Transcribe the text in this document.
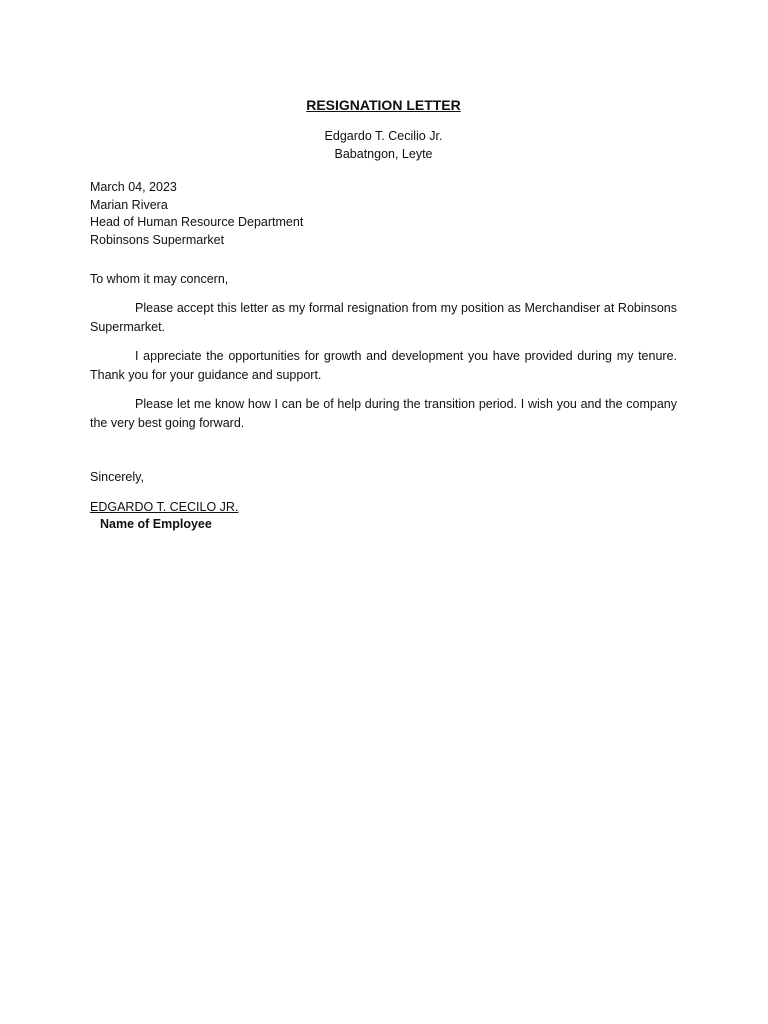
RESIGNATION LETTER
Edgardo T. Cecilio Jr.
Babatngon, Leyte
March 04, 2023
Marian Rivera
Head of Human Resource Department
Robinsons Supermarket
To whom it may concern,
Please accept this letter as my formal resignation from my position as Merchandiser at Robinsons Supermarket.
I appreciate the opportunities for growth and development you have provided during my tenure. Thank you for your guidance and support.
Please let me know how I can be of help during the transition period. I wish you and the company the very best going forward.
Sincerely,
EDGARDO T. CECILO JR.
Name of Employee
